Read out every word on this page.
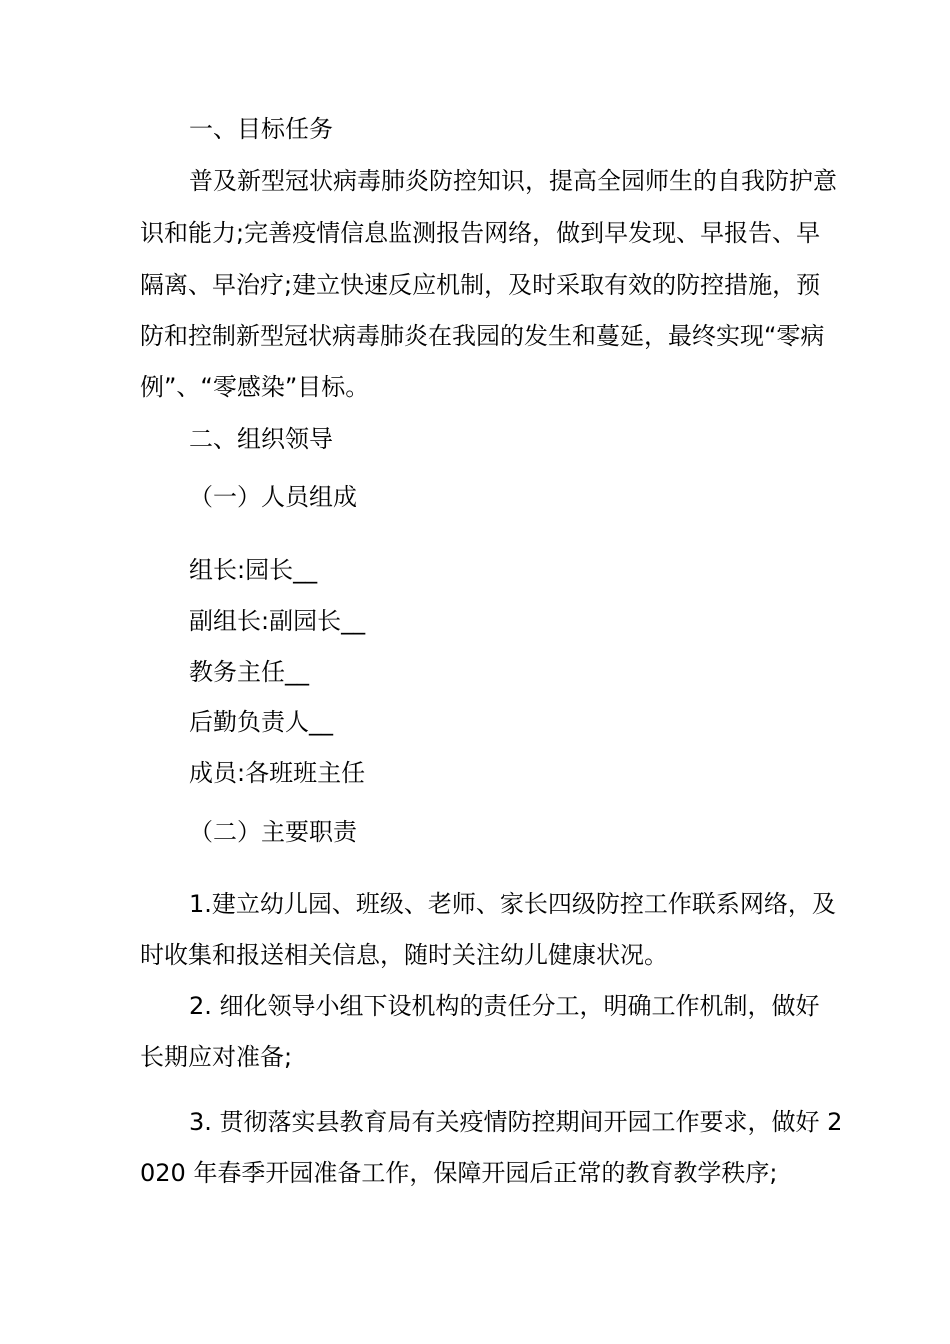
一、目标任务

普及新型冠状病毒肺炎防控知识，提高全园师生的自我防护意

识和能力;完善疫情信息监测报告网络，做到早发现、早报告、早

隔离、早治疗;建立快速反应机制，及时采取有效的防控措施，预

防和控制新型冠状病毒肺炎在我园的发生和蔓延，最终实现“零病

例”、“零感染”目标。

二、组织领导

（一）人员组成

组长:园长__

副组长:副园长__

教务主任__

后勤负责人__

成员:各班班主任

（二）主要职责

1.建立幼儿园、班级、老师、家长四级防控工作联系网络，及

时收集和报送相关信息，随时关注幼儿健康状况。

2. 细化领导小组下设机构的责任分工，明确工作机制，做好

长期应对准备;

3. 贯彻落实县教育局有关疫情防控期间开园工作要求，做好 2

020 年春季开园准备工作，保障开园后正常的教育教学秩序;
